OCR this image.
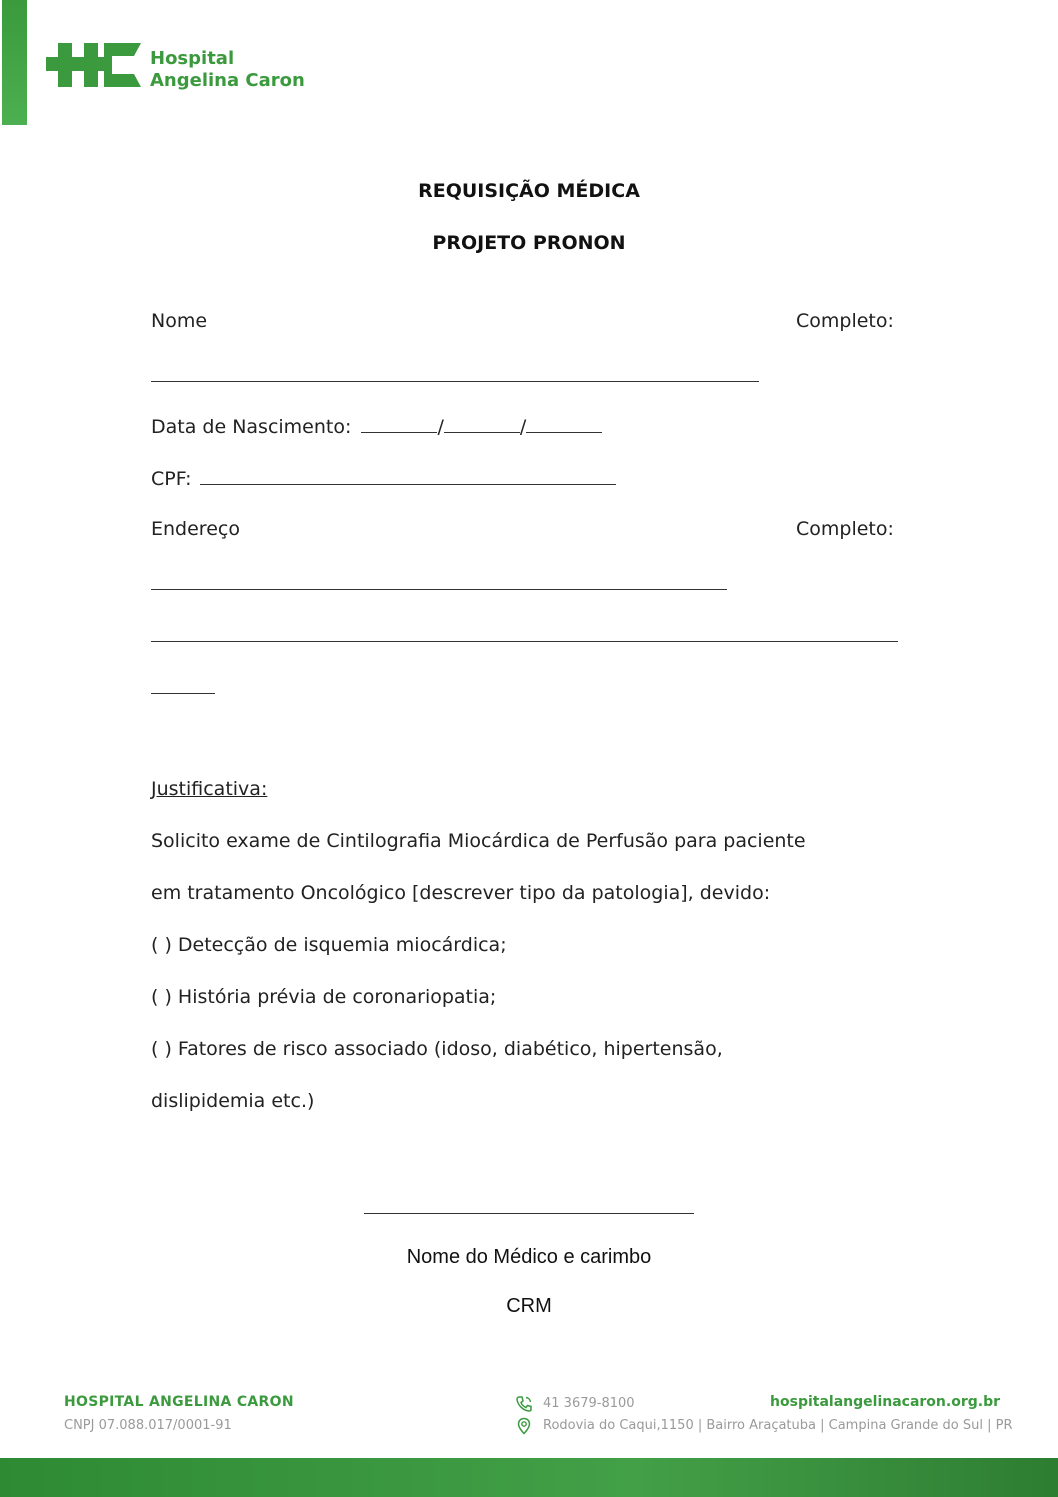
Hospital
Angelina Caron
REQUISIÇÃO MÉDICA
PROJETO PRONON
Nome	Completo:
Data de Nascimento:	/	/
CPF:
Endereço	Completo:
Justificativa:
Solicito exame de Cintilografia Miocárdica de Perfusão para paciente
em tratamento Oncológico [descrever tipo da patologia], devido:
( ) Detecção de isquemia miocárdica;
( ) História prévia de coronariopatia;
( ) Fatores de risco associado (idoso, diabético, hipertensão,
dislipidemia etc.)
Nome do Médico e carimbo
CRM
HOSPITAL ANGELINA CARON
CNPJ 07.088.017/0001-91
41 3679-8100
Rodovia do Caqui,1150 | Bairro Araçatuba | Campina Grande do Sul | PR
hospitalangelinacaron.org.br
